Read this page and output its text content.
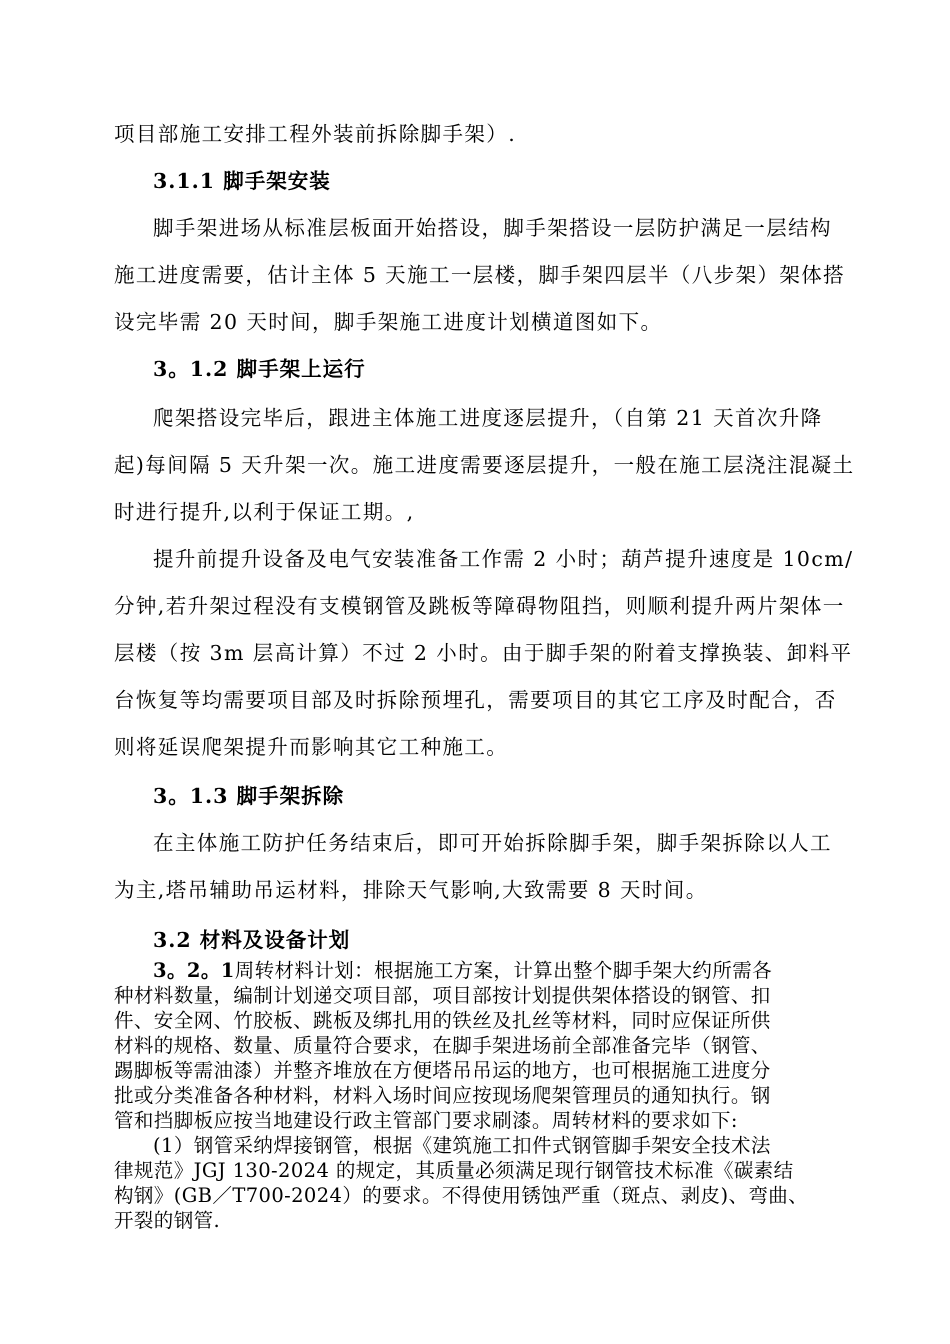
项目部施工安排工程外装前拆除脚手架）.
3.1.1 脚手架安装
脚手架进场从标准层板面开始搭设，脚手架搭设一层防护满足一层结构
施工进度需要，估计主体 5 天施工一层楼，脚手架四层半（八步架）架体搭
设完毕需 20 天时间，脚手架施工进度计划横道图如下。
3。1.2 脚手架上运行
爬架搭设完毕后，跟进主体施工进度逐层提升，（自第 21 天首次升降
起)每间隔 5 天升架一次。施工进度需要逐层提升，一般在施工层浇注混凝土
时进行提升,以利于保证工期。,
提升前提升设备及电气安装准备工作需 2 小时；葫芦提升速度是 10cm/
分钟,若升架过程没有支模钢管及跳板等障碍物阻挡，则顺利提升两片架体一
层楼（按 3m 层高计算）不过 2 小时。由于脚手架的附着支撑换装、卸料平
台恢复等均需要项目部及时拆除预埋孔，需要项目的其它工序及时配合，否
则将延误爬架提升而影响其它工种施工。
3。1.3 脚手架拆除
在主体施工防护任务结束后，即可开始拆除脚手架，脚手架拆除以人工
为主,塔吊辅助吊运材料，排除天气影响,大致需要 8 天时间。
3.2 材料及设备计划
3。2。1周转材料计划：根据施工方案，计算出整个脚手架大约所需各
种材料数量，编制计划递交项目部，项目部按计划提供架体搭设的钢管、扣
件、安全网、竹胶板、跳板及绑扎用的铁丝及扎丝等材料，同时应保证所供
材料的规格、数量、质量符合要求，在脚手架进场前全部准备完毕（钢管、
踢脚板等需油漆）并整齐堆放在方便塔吊吊运的地方，也可根据施工进度分
批或分类准备各种材料，材料入场时间应按现场爬架管理员的通知执行。钢
管和挡脚板应按当地建设行政主管部门要求刷漆。周转材料的要求如下:
(1）钢管采纳焊接钢管，根据《建筑施工扣件式钢管脚手架安全技术法
律规范》JGJ 130-2024 的规定，其质量必须满足现行钢管技术标准《碳素结
构钢》(GB／T700-2024）的要求。不得使用锈蚀严重（斑点、剥皮)、弯曲、
开裂的钢管.
